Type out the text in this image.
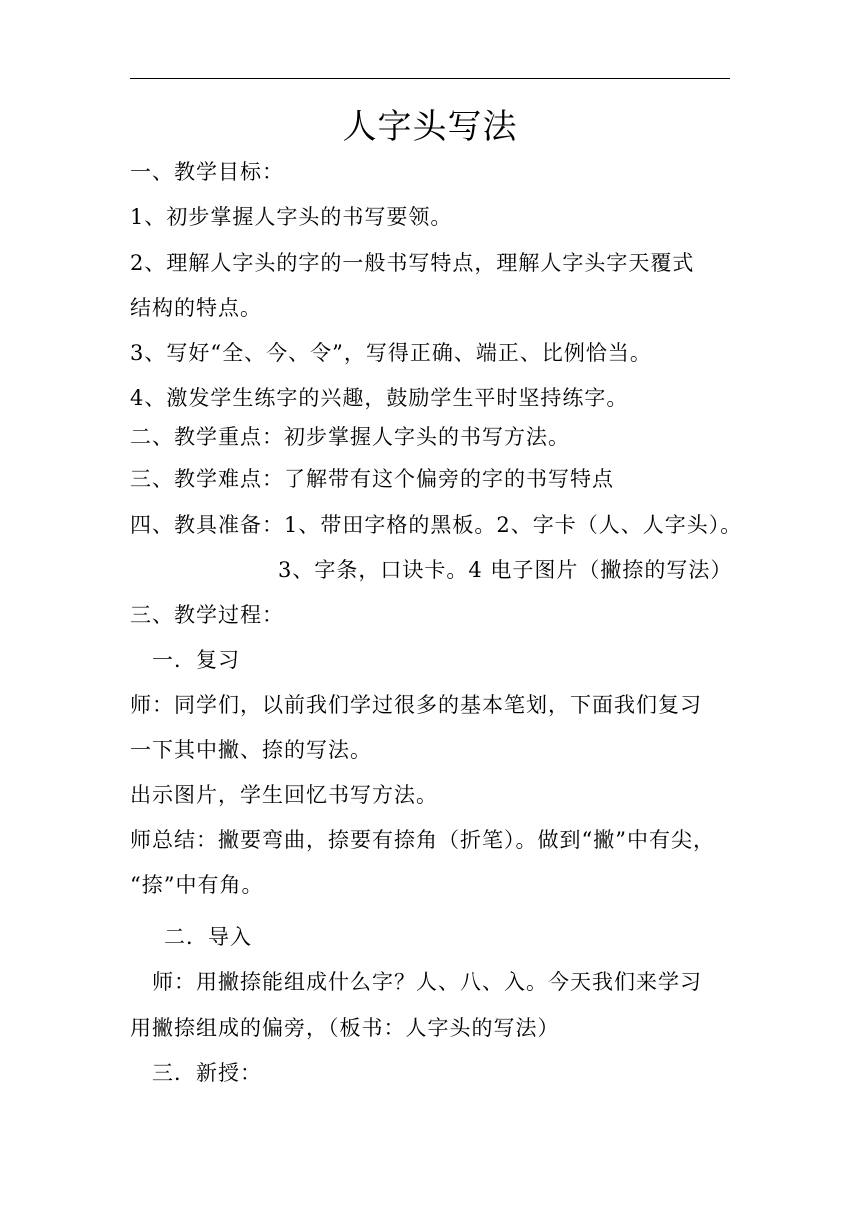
人字头写法
一、教学目标：
1、初步掌握人字头的书写要领。
2、理解人字头的字的一般书写特点，理解人字头字天覆式
结构的特点。
3、写好“全、今、令”，写得正确、端正、比例恰当。
4、激发学生练字的兴趣，鼓励学生平时坚持练字。
二、教学重点：初步掌握人字头的书写方法。
三、教学难点：了解带有这个偏旁的字的书写特点
四、教具准备：1、带田字格的黑板。2、字卡（人、人字头）。
3、字条，口诀卡。4 电子图片（撇捺的写法）
三、教学过程：
一．复习
师：同学们，以前我们学过很多的基本笔划，下面我们复习
一下其中撇、捺的写法。
出示图片，学生回忆书写方法。
师总结：撇要弯曲，捺要有捺角（折笔）。做到“撇”中有尖，
“捺”中有角。
二．导入
师：用撇捺能组成什么字？人、八、入。今天我们来学习
用撇捺组成的偏旁，（板书：人字头的写法）
三．新授：
